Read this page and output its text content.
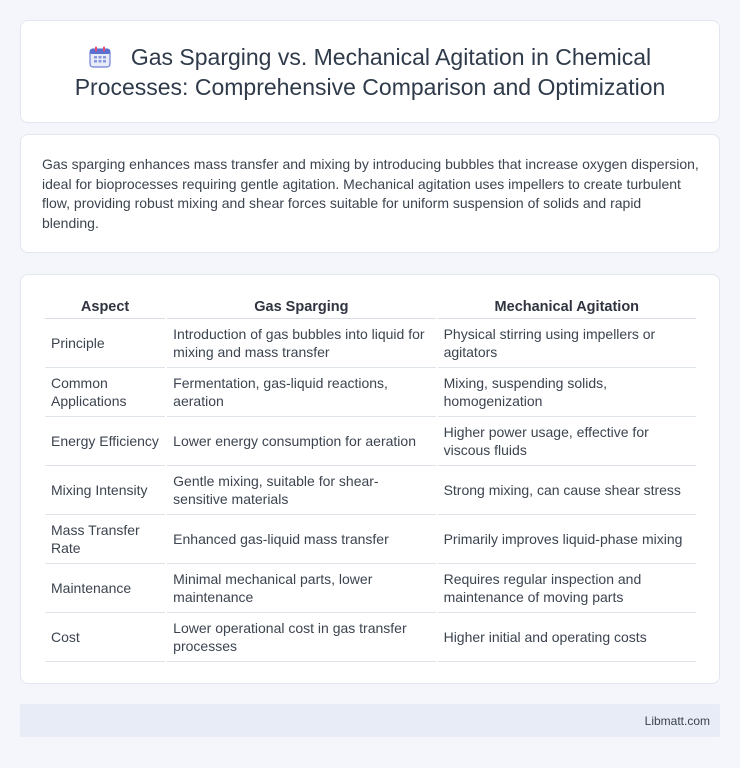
Gas Sparging vs. Mechanical Agitation in Chemical Processes: Comprehensive Comparison and Optimization

Gas sparging enhances mass transfer and mixing by introducing bubbles that increase oxygen dispersion, ideal for bioprocesses requiring gentle agitation. Mechanical agitation uses impellers to create turbulent flow, providing robust mixing and shear forces suitable for uniform suspension of solids and rapid blending.

Aspect	Gas Sparging	Mechanical Agitation
Principle	Introduction of gas bubbles into liquid for mixing and mass transfer	Physical stirring using impellers or agitators
Common Applications	Fermentation, gas-liquid reactions, aeration	Mixing, suspending solids, homogenization
Energy Efficiency	Lower energy consumption for aeration	Higher power usage, effective for viscous fluids
Mixing Intensity	Gentle mixing, suitable for shear-sensitive materials	Strong mixing, can cause shear stress
Mass Transfer Rate	Enhanced gas-liquid mass transfer	Primarily improves liquid-phase mixing
Maintenance	Minimal mechanical parts, lower maintenance	Requires regular inspection and maintenance of moving parts
Cost	Lower operational cost in gas transfer processes	Higher initial and operating costs
Libmatt.com
